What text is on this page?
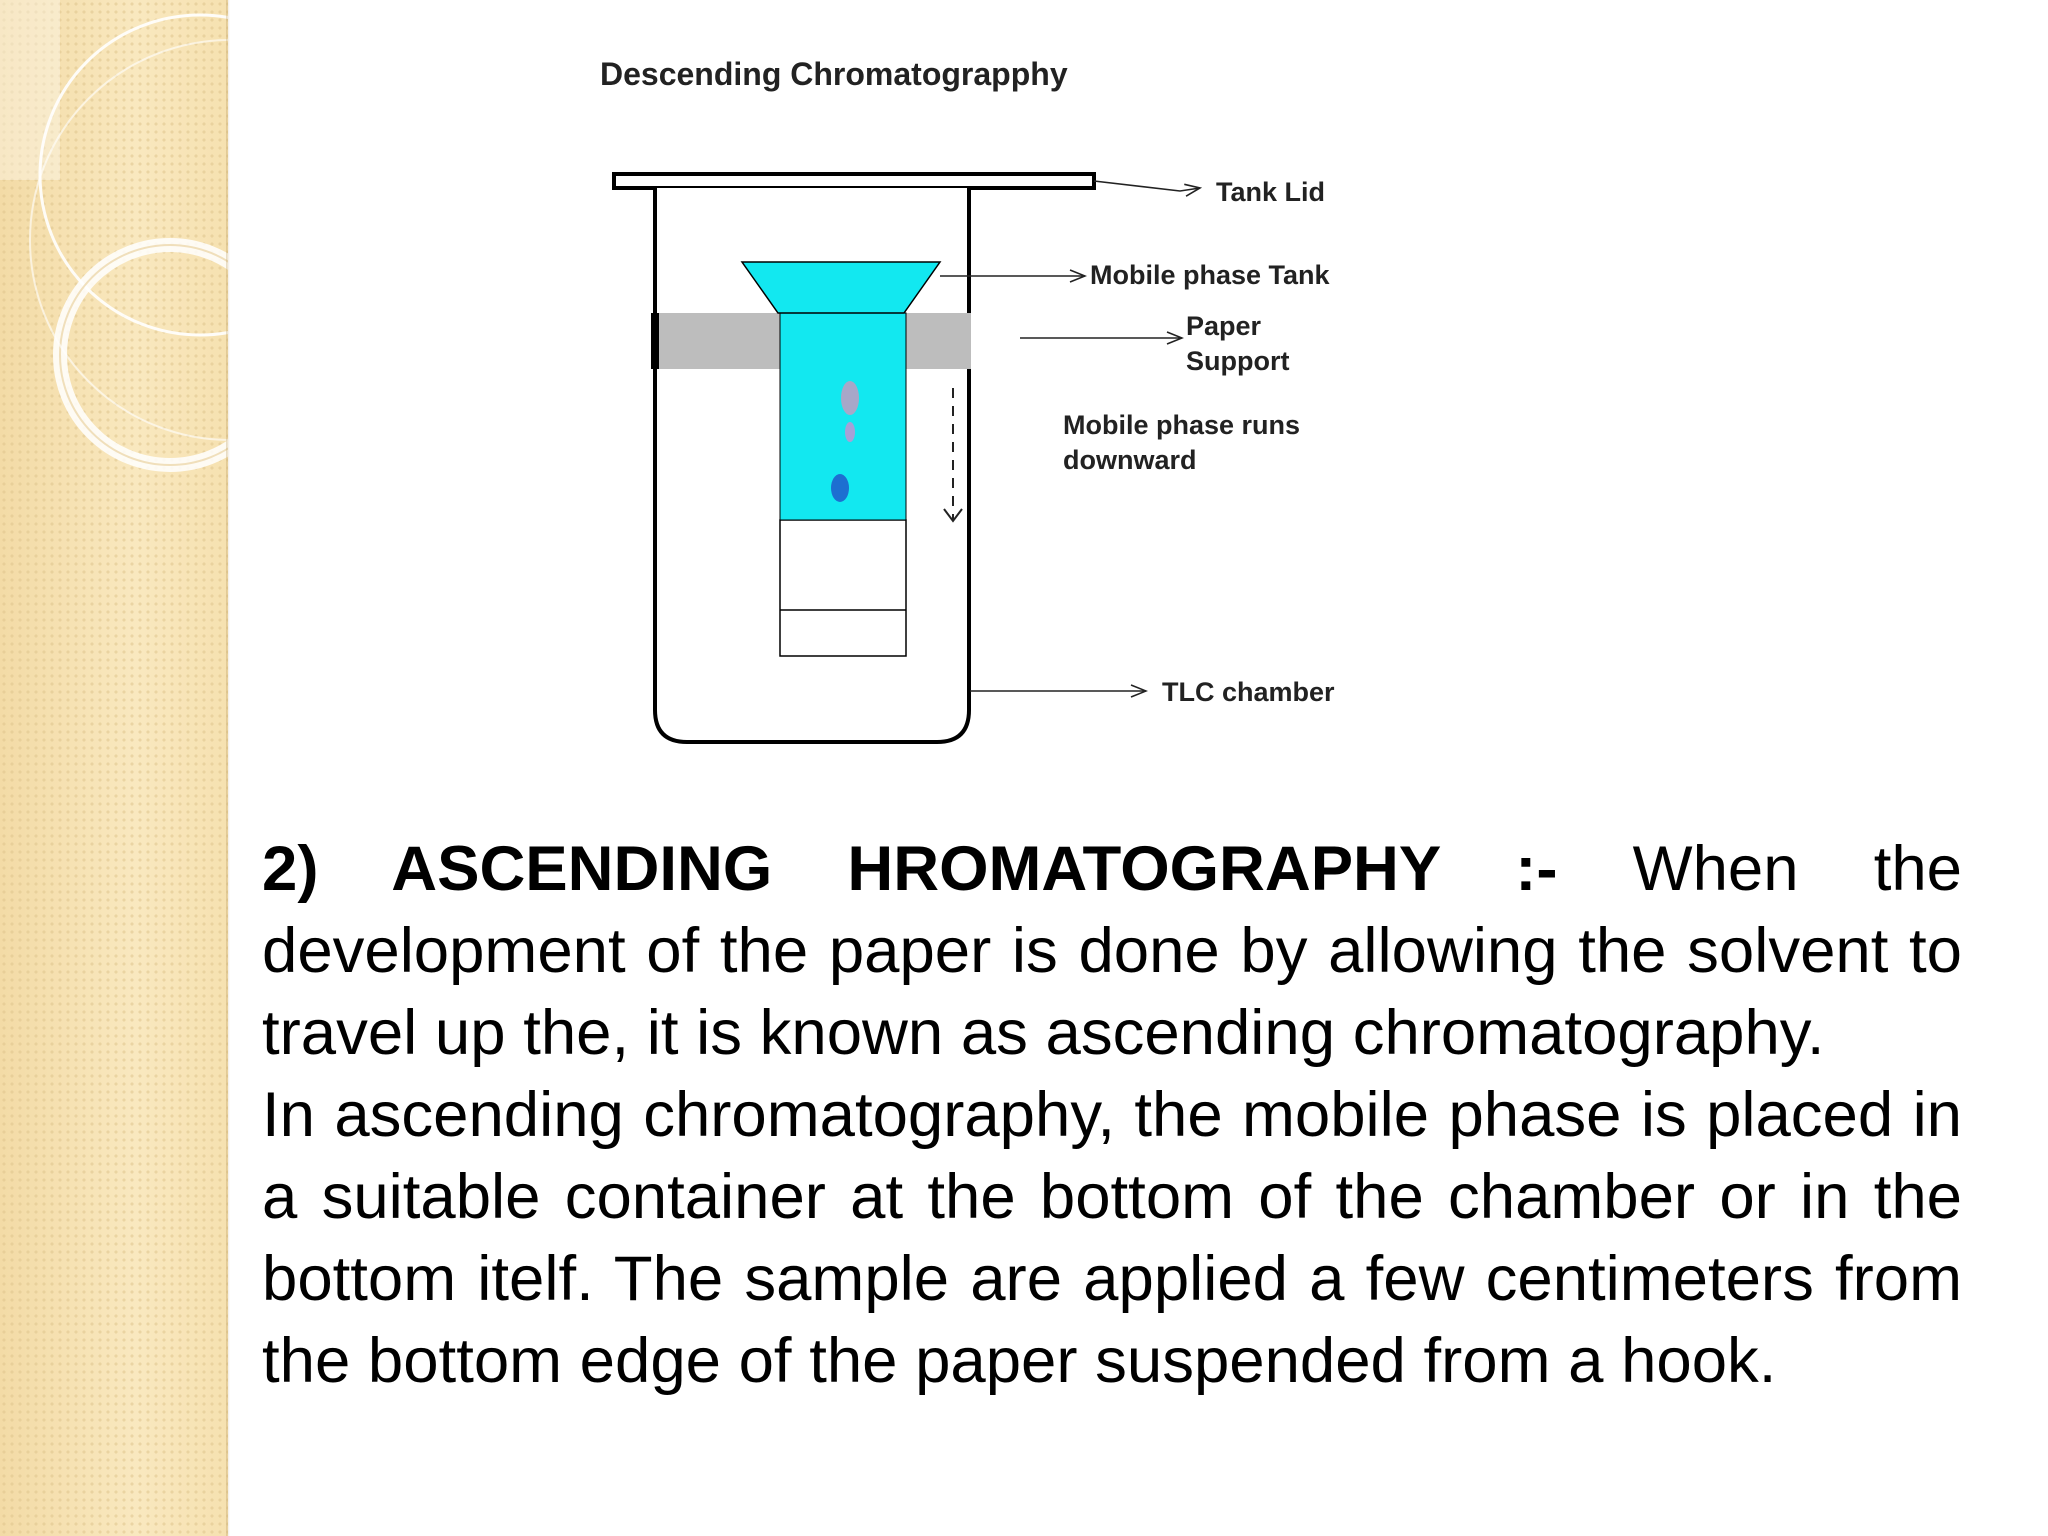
Descending Chromatograpphy
Tank Lid
Mobile phase Tank
Paper
Support
Mobile phase runs
downward
TLC chamber

2) ASCENDING HROMATOGRAPHY :- When the development of the paper is done by allowing the solvent to travel up the, it is known as ascending chromatography.

In ascending chromatography, the mobile phase is placed in a suitable container at the bottom of the chamber or in the bottom itelf. The sample are applied a few centimeters from the bottom edge of the paper suspended from a hook.
